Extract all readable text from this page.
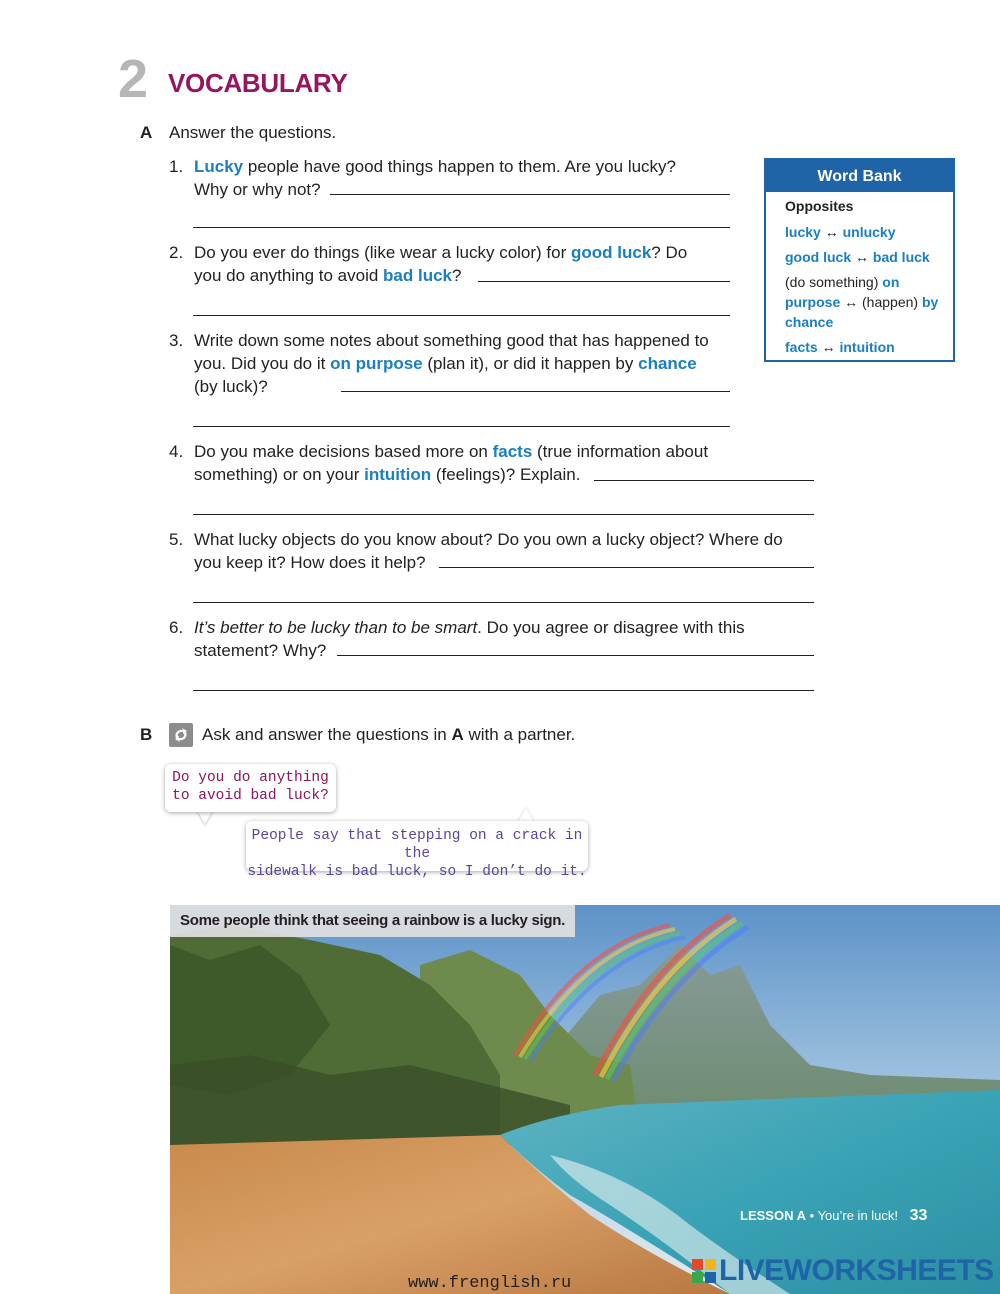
2 VOCABULARY
A Answer the questions.
1. Lucky people have good things happen to them. Are you lucky? Why or why not?
2. Do you ever do things (like wear a lucky color) for good luck? Do you do anything to avoid bad luck?
3. Write down some notes about something good that has happened to you. Did you do it on purpose (plan it), or did it happen by chance (by luck)?
4. Do you make decisions based more on facts (true information about something) or on your intuition (feelings)? Explain.
5. What lucky objects do you know about? Do you own a lucky object? Where do you keep it? How does it help?
6. It’s better to be lucky than to be smart. Do you agree or disagree with this statement? Why?
Word Bank
Opposites
lucky ↔ unlucky
good luck ↔ bad luck
(do something) on purpose ↔ (happen) by chance
facts ↔ intuition
B	Ask and answer the questions in A with a partner.
Do you do anything
to avoid bad luck?
People say that stepping on a crack in the
sidewalk is bad luck, so I don’t do it.
Some people think that seeing a rainbow is a lucky sign.
LESSON A • You’re in luck! 33
www.frenglish.ru	LIVEWORKSHEETS
